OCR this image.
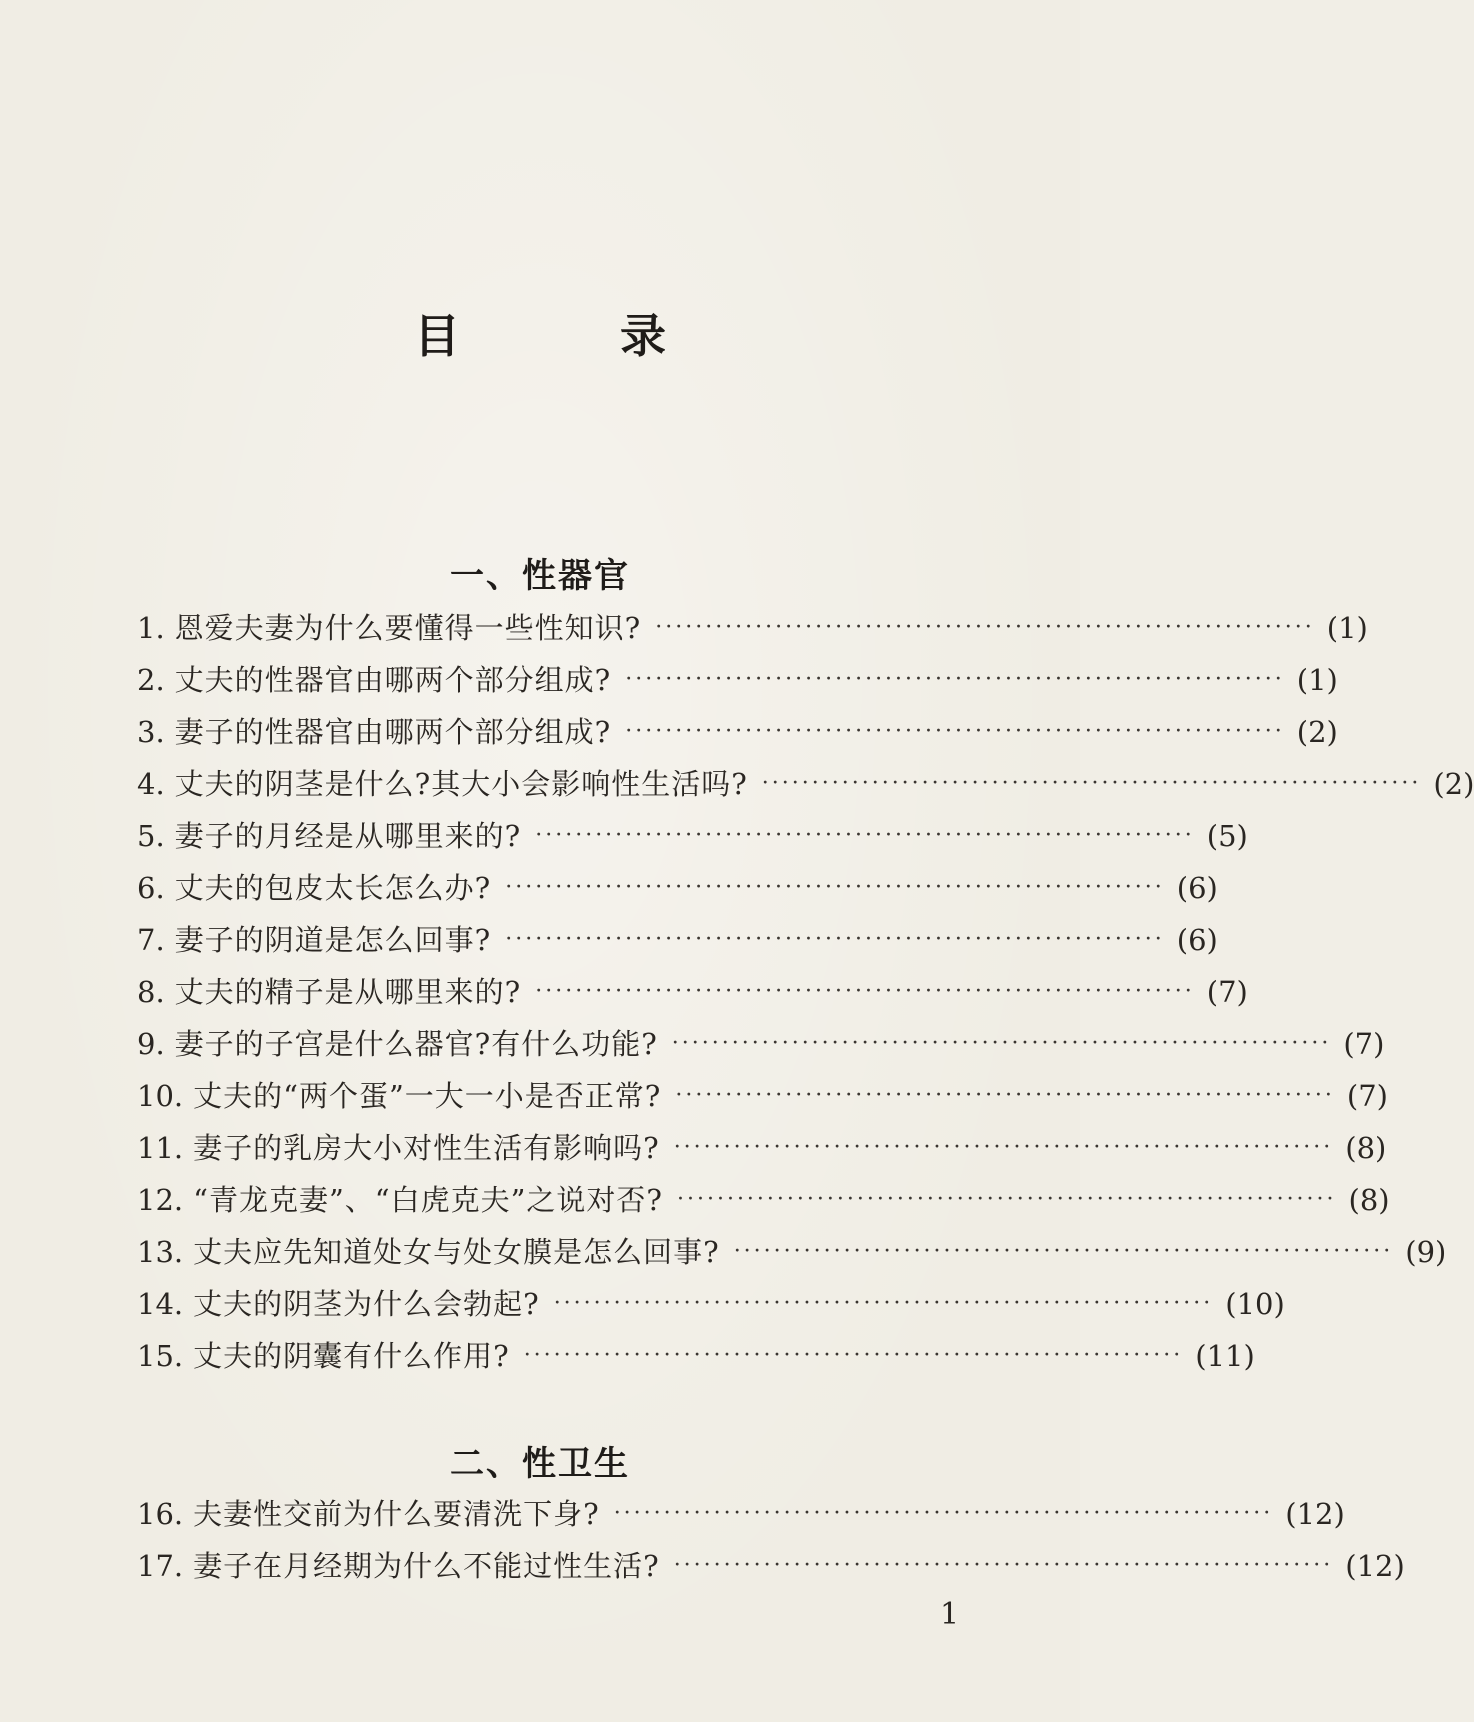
目 录
一、性器官
1. 恩爱夫妻为什么要懂得一些性知识? ·································································· (1)
2. 丈夫的性器官由哪两个部分组成? ·································································· (1)
3. 妻子的性器官由哪两个部分组成? ·································································· (2)
4. 丈夫的阴茎是什么?其大小会影响性生活吗? ·································································· (2)
5. 妻子的月经是从哪里来的? ·································································· (5)
6. 丈夫的包皮太长怎么办? ·································································· (6)
7. 妻子的阴道是怎么回事? ·································································· (6)
8. 丈夫的精子是从哪里来的? ·································································· (7)
9. 妻子的子宫是什么器官?有什么功能? ·································································· (7)
10. 丈夫的“两个蛋”一大一小是否正常? ·································································· (7)
11. 妻子的乳房大小对性生活有影响吗? ·································································· (8)
12. “青龙克妻”、“白虎克夫”之说对否? ·································································· (8)
13. 丈夫应先知道处女与处女膜是怎么回事? ·································································· (9)
14. 丈夫的阴茎为什么会勃起? ·································································· (10)
15. 丈夫的阴囊有什么作用? ·································································· (11)
二、性卫生
16. 夫妻性交前为什么要清洗下身? ·································································· (12)
17. 妻子在月经期为什么不能过性生活? ·································································· (12)
1
